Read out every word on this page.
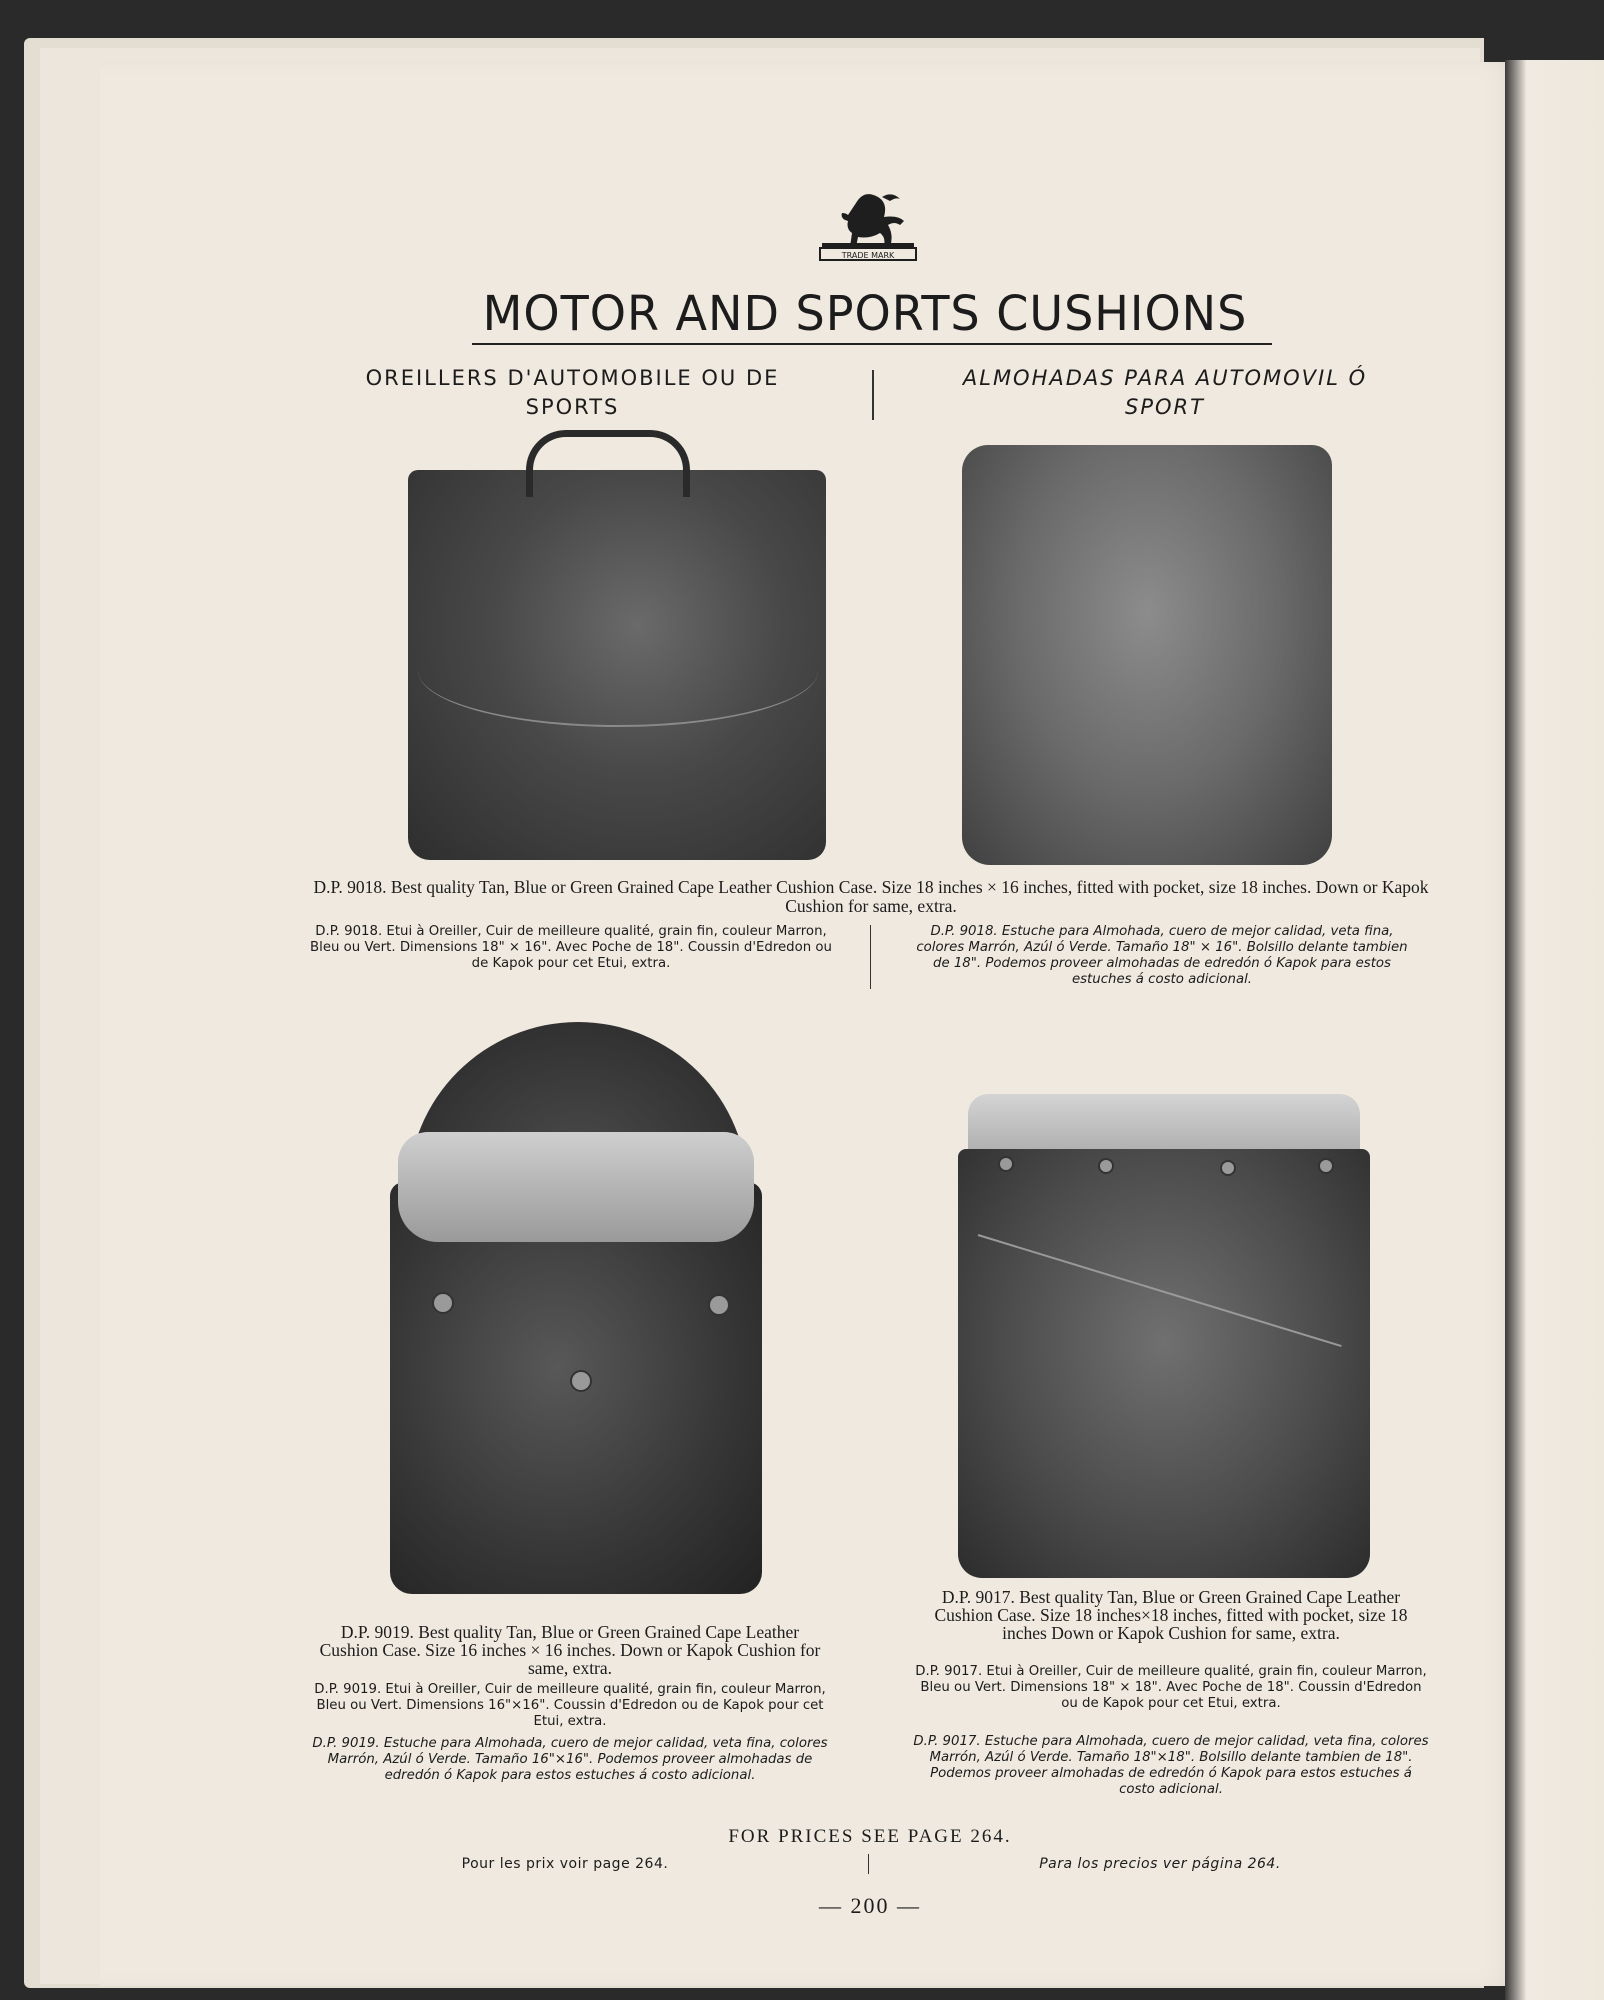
TRADE MARK
MOTOR AND SPORTS CUSHIONS
OREILLERS D'AUTOMOBILE OU DE SPORTS
ALMOHADAS PARA AUTOMOVIL Ó SPORT
D.P. 9018. Best quality Tan, Blue or Green Grained Cape Leather Cushion Case. Size 18 inches × 16 inches, fitted with pocket, size 18 inches. Down or Kapok Cushion for same, extra.
D.P. 9018. Etui à Oreiller, Cuir de meilleure qualité, grain fin, couleur Marron, Bleu ou Vert. Dimensions 18" × 16". Avec Poche de 18". Coussin d'Edredon ou de Kapok pour cet Etui, extra.
D.P. 9018. Estuche para Almohada, cuero de mejor calidad, veta fina, colores Marrón, Azúl ó Verde. Tamaño 18" × 16". Bolsillo delante tambien de 18". Podemos proveer almohadas de edredón ó Kapok para estos estuches á costo adicional.
D.P. 9019. Best quality Tan, Blue or Green Grained Cape Leather Cushion Case. Size 16 inches × 16 inches. Down or Kapok Cushion for same, extra.
D.P. 9019. Etui à Oreiller, Cuir de meilleure qualité, grain fin, couleur Marron, Bleu ou Vert. Dimensions 16"×16". Coussin d'Edredon ou de Kapok pour cet Etui, extra.
D.P. 9019. Estuche para Almohada, cuero de mejor calidad, veta fina, colores Marrón, Azúl ó Verde. Tamaño 16"×16". Podemos proveer almohadas de edredón ó Kapok para estos estuches á costo adicional.
D.P. 9017. Best quality Tan, Blue or Green Grained Cape Leather Cushion Case. Size 18 inches×18 inches, fitted with pocket, size 18 inches Down or Kapok Cushion for same, extra.
D.P. 9017. Etui à Oreiller, Cuir de meilleure qualité, grain fin, couleur Marron, Bleu ou Vert. Dimensions 18" × 18". Avec Poche de 18". Coussin d'Edredon ou de Kapok pour cet Etui, extra.
D.P. 9017. Estuche para Almohada, cuero de mejor calidad, veta fina, colores Marrón, Azúl ó Verde. Tamaño 18"×18". Bolsillo delante tambien de 18". Podemos proveer almohadas de edredón ó Kapok para estos estuches á costo adicional.
FOR PRICES SEE PAGE 264.
Pour les prix voir page 264.	Para los precios ver página 264.
— 200 —
